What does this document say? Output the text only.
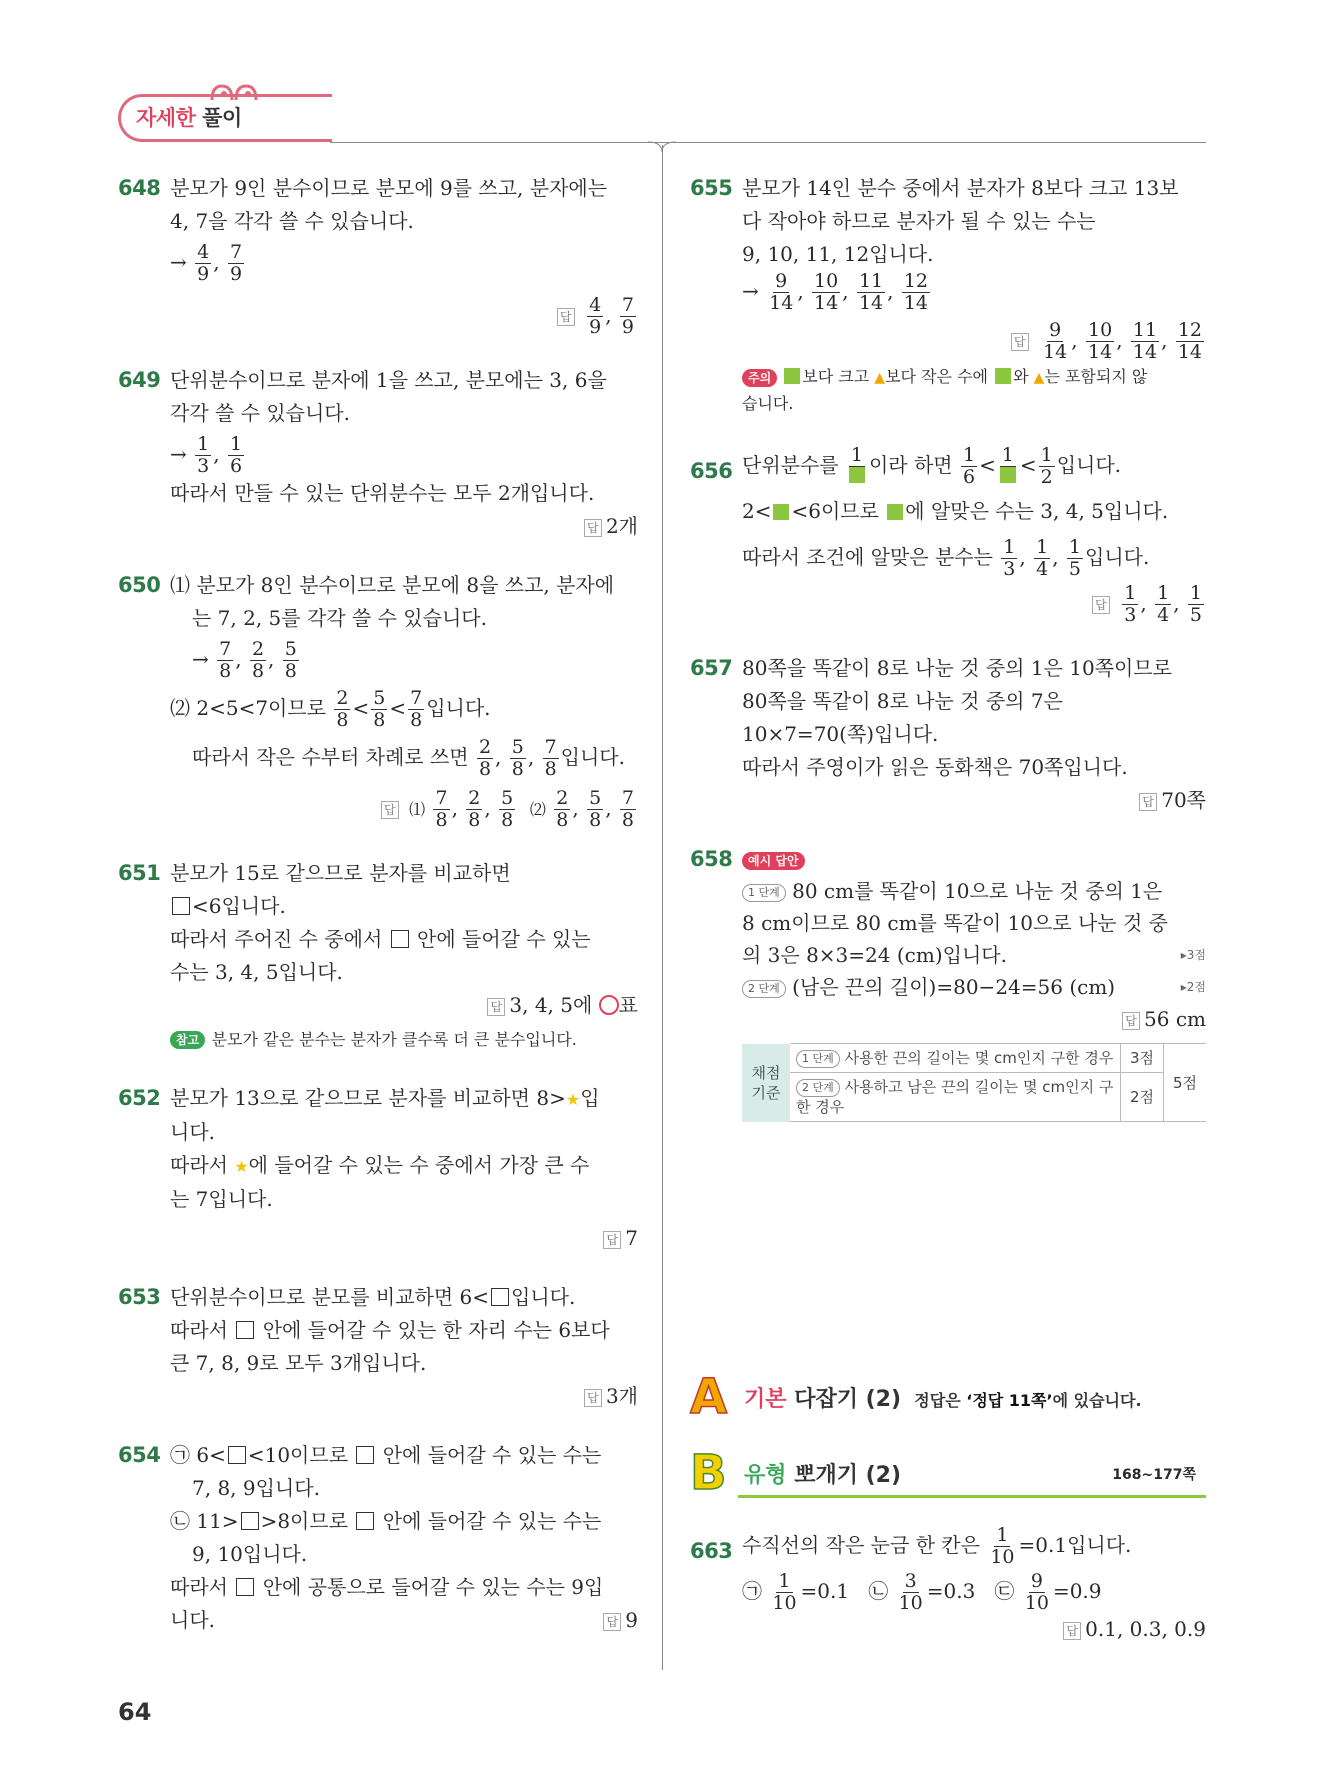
자세한 풀이
648 분모가 9인 분수이므로 분모에 9를 쓰고, 분자에는
4, 7을 각각 쓸 수 있습니다.
→ $\frac{4}{9}$ , $\frac{7}{9}$
답 $\frac{4}{9}$ , $\frac{7}{9}$
649 단위분수이므로 분자에 1을 쓰고, 분모에는 3, 6을
각각 쓸 수 있습니다.
→ $\frac{1}{3}$ , $\frac{1}{6}$
따라서 만들 수 있는 단위분수는 모두 2개입니다.
답 2개
650 ⑴ 분모가 8인 분수이므로 분모에 8을 쓰고, 분자에
는 7, 2, 5를 각각 쓸 수 있습니다.
→ $\frac{7}{8}$ , $\frac{2}{8}$ , $\frac{5}{8}$
⑵ 2<5<7이므로 $\frac{2}{8} < \frac{5}{8} < \frac{7}{8}$ 입니다.
따라서 작은 수부터 차례로 쓰면 $\frac{2}{8}$ , $\frac{5}{8}$ , $\frac{7}{8}$ 입니다.
답 ⑴ $\frac{7}{8}$ , $\frac{2}{8}$ , $\frac{5}{8}$ ⑵ $\frac{2}{8}$ , $\frac{5}{8}$ , $\frac{7}{8}$
651 분모가 15로 같으므로 분자를 비교하면
<6입니다.
따라서 주어진 수 중에서 안에 들어갈 수 있는
수는 3, 4, 5입니다.
답 3, 4, 5에 표
참고 분모가 같은 분수는 분자가 클수록 더 큰 분수입니다.
652 분모가 13으로 같으므로 분자를 비교하면 8>★입
니다.
따라서 ★에 들어갈 수 있는 수 중에서 가장 큰 수
는 7입니다.
답 7
653 단위분수이므로 분모를 비교하면 6< 입니다.
따라서 안에 들어갈 수 있는 한 자리 수는 6보다
큰 7, 8, 9로 모두 3개입니다.
답 3개
654 ㉠ 6< <10이므로 안에 들어갈 수 있는 수는
7, 8, 9입니다.
㉡ 11> >8이므로 안에 들어갈 수 있는 수는
9, 10입니다.
따라서 안에 공통으로 들어갈 수 있는 수는 9입
니다.	답 9
655 분모가 14인 분수 중에서 분자가 8보다 크고 13보
다 작아야 하므로 분자가 될 수 있는 수는
9, 10, 11, 12입니다.
→ $\frac{9}{14}$ , $\frac{10}{14}$ , $\frac{11}{14}$ , $\frac{12}{14}$
답 $\frac{9}{14}$ , $\frac{10}{14}$ , $\frac{11}{14}$ , $\frac{12}{14}$
주의 보다 크고 ▲보다 작은 수에 와 ▲는 포함되지 않
습니다.
656 단위분수를 1 이라 하면 $\frac{1}{6} < 1 < \frac{1}{2}$ 입니다.
2< <6이므로 에 알맞은 수는 3, 4, 5입니다.
따라서 조건에 알맞은 분수는 $\frac{1}{3}$ , $\frac{1}{4}$ , $\frac{1}{5}$ 입니다.
답 $\frac{1}{3}$ , $\frac{1}{4}$ , $\frac{1}{5}$
657 80쪽을 똑같이 8로 나눈 것 중의 1은 10쪽이므로
80쪽을 똑같이 8로 나눈 것 중의 7은
10×7=70(쪽)입니다.
따라서 주영이가 읽은 동화책은 70쪽입니다.
답 70쪽
658	예시 답안
1 단계 80 cm를 똑같이 10으로 나눈 것 중의 1은
8 cm이므로 80 cm를 똑같이 10으로 나눈 것 중
의 3은 8×3=24 (cm)입니다.	▸3점
2 단계 (남은 끈의 길이)=80−24=56 (cm)	▸2점
답 56 cm
채점 기준	1 단계 사용한 끈의 길이는 몇 cm인지 구한 경우	3점	5점
	2 단계 사용하고 남은 끈의 길이는 몇 cm인지 구한 경우	2점	
A 기본 다잡기 (2) 정답은 ‘정답 11쪽’에 있습니다.
B 유형 뽀개기 (2)	168~177쪽
663 수직선의 작은 눈금 한 칸은 $\frac{1}{10} =0.1$입니다.
㉠ $\frac{1}{10} =0.1$ ㉡ $\frac{3}{10} =0.3$ ㉢ $\frac{9}{10} =0.9$
답 0.1, 0.3, 0.9
64
